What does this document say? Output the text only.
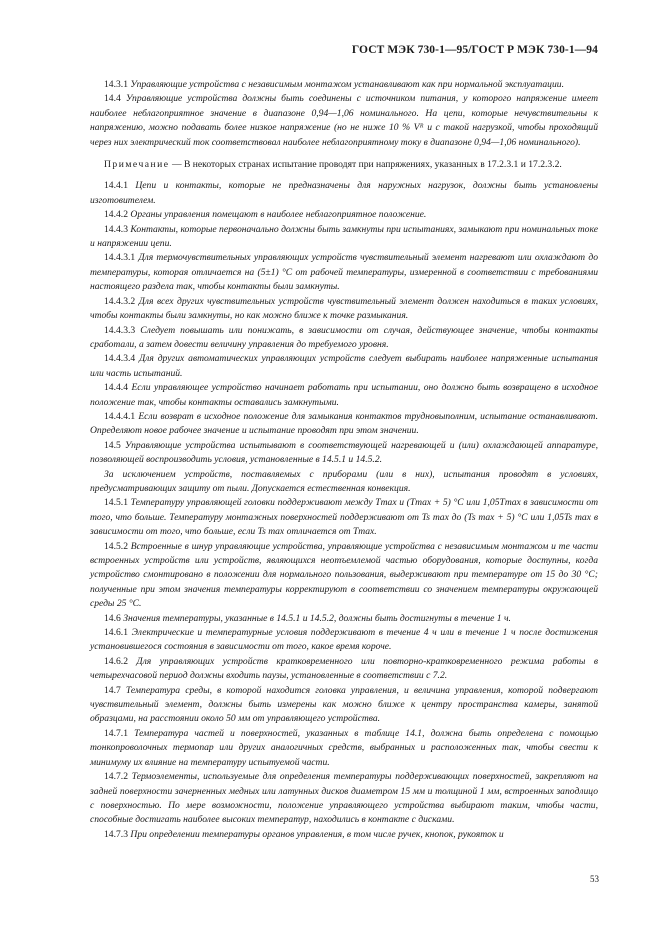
ГОСТ МЭК 730-1—95/ГОСТ Р МЭК 730-1—94
14.3.1 Управляющие устройства с независимым монтажом устанавливают как при нормальной эксплуатации.
14.4 Управляющие устройства должны быть соединены с источником питания, у которого напряжение имеет наиболее неблагоприятное значение в диапазоне 0,94—1,06 номинального. На цепи, которые нечувствительны к напряжению, можно подавать более низкое напряжение (но не ниже 10 % Vᴿ и с такой нагрузкой, чтобы проходящий через них электрический ток соответствовал наиболее неблагоприятному току в диапазоне 0,94—1,06 номинального).
Примечание — В некоторых странах испытание проводят при напряжениях, указанных в 17.2.3.1 и 17.2.3.2.
14.4.1 Цепи и контакты, которые не предназначены для наружных нагрузок, должны быть установлены изготовителем.
14.4.2 Органы управления помещают в наиболее неблагоприятное положение.
14.4.3 Контакты, которые первоначально должны быть замкнуты при испытаниях, замыкают при номинальных токе и напряжении цепи.
14.4.3.1 Для термочувствительных управляющих устройств чувствительный элемент нагревают или охлаждают до температуры, которая отличается на (5±1) °С от рабочей температуры, измеренной в соответствии с требованиями настоящего раздела так, чтобы контакты были замкнуты.
14.4.3.2 Для всех других чувствительных устройств чувствительный элемент должен находиться в таких условиях, чтобы контакты были замкнуты, но как можно ближе к точке размыкания.
14.4.3.3 Следует повышать или понижать, в зависимости от случая, действующее значение, чтобы контакты сработали, а затем довести величину управления до требуемого уровня.
14.4.3.4 Для других автоматических управляющих устройств следует выбирать наиболее напряженные испытания или часть испытаний.
14.4.4 Если управляющее устройство начинает работать при испытании, оно должно быть возвращено в исходное положение так, чтобы контакты оставались замкнутыми.
14.4.4.1 Если возврат в исходное положение для замыкания контактов трудновыполним, испытание останавливают. Определяют новое рабочее значение и испытание проводят при этом значении.
14.5 Управляющие устройства испытывают в соответствующей нагревающей и (или) охлаждающей аппаратуре, позволяющей воспроизводить условия, установленные в 14.5.1 и 14.5.2.
За исключением устройств, поставляемых с приборами (или в них), испытания проводят в условиях, предусматривающих защиту от пыли. Допускается естественная конвекция.
14.5.1 Температуру управляющей головки поддерживают между Tmax и (Tmax + 5) °С или 1,05Tmax в зависимости от того, что больше. Температуру монтажных поверхностей поддерживают от Ts max до (Ts max + 5) °С или 1,05Ts max в зависимости от того, что больше, если Ts max отличается от Tmax.
14.5.2 Встроенные в шнур управляющие устройства, управляющие устройства с независимым монтажом и те части встроенных устройств или устройств, являющихся неотъемлемой частью оборудования, которые доступны, когда устройство смонтировано в положении для нормального пользования, выдерживают при температуре от 15 до 30 °С; полученные при этом значения температуры корректируют в соответствии со значением температуры окружающей среды 25 °С.
14.6 Значения температуры, указанные в 14.5.1 и 14.5.2, должны быть достигнуты в течение 1 ч.
14.6.1 Электрические и температурные условия поддерживают в течение 4 ч или в течение 1 ч после достижения установившегося состояния в зависимости от того, какое время короче.
14.6.2 Для управляющих устройств кратковременного или повторно-кратковременного режима работы в четырехчасовой период должны входить паузы, установленные в соответствии с 7.2.
14.7 Температура среды, в которой находится головка управления, и величина управления, которой подвергают чувствительный элемент, должны быть измерены как можно ближе к центру пространства камеры, занятой образцами, на расстоянии около 50 мм от управляющего устройства.
14.7.1 Температура частей и поверхностей, указанных в таблице 14.1, должна быть определена с помощью тонкопроволочных термопар или других аналогичных средств, выбранных и расположенных так, чтобы свести к минимуму их влияние на температуру испытуемой части.
14.7.2 Термоэлементы, используемые для определения температуры поддерживающих поверхностей, закрепляют на задней поверхности зачерненных медных или латунных дисков диаметром 15 мм и толщиной 1 мм, встроенных заподлицо с поверхностью. По мере возможности, положение управляющего устройства выбирают таким, чтобы части, способные достигать наиболее высоких температур, находились в контакте с дисками.
14.7.3 При определении температуры органов управления, в том числе ручек, кнопок, рукояток и
53
